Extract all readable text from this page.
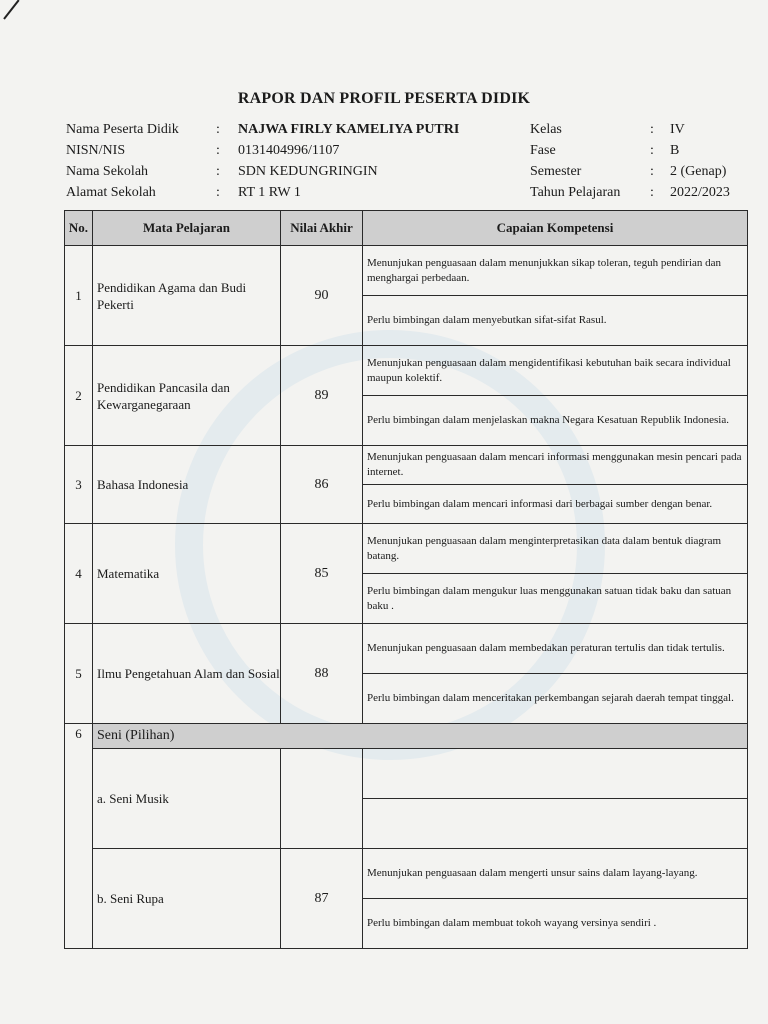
RAPOR DAN PROFIL PESERTA DIDIK
Nama Peserta Didik	: NAJWA FIRLY KAMELIYA PUTRI
NISN/NIS	: 0131404996/1107
Nama Sekolah	: SDN KEDUNGRINGIN
Alamat Sekolah	: RT 1 RW 1
Kelas	: IV
Fase	: B
Semester	: 2 (Genap)
Tahun Pelajaran : 2022/2023
No.	Mata Pelajaran	Nilai Akhir	Capaian Kompetensi
1	Pendidikan Agama dan Budi Pekerti	90	Menunjukan penguasaan dalam menunjukkan sikap toleran, teguh pendirian dan menghargai perbedaan.
			Perlu bimbingan dalam menyebutkan sifat-sifat Rasul.
2	Pendidikan Pancasila dan Kewarganegaraan	89	Menunjukan penguasaan dalam mengidentifikasi kebutuhan baik secara individual maupun kolektif.
			Perlu bimbingan dalam menjelaskan makna Negara Kesatuan Republik Indonesia.
3	Bahasa Indonesia	86	Menunjukan penguasaan dalam mencari informasi menggunakan mesin pencari pada internet.
			Perlu bimbingan dalam mencari informasi dari berbagai sumber dengan benar.
4	Matematika	85	Menunjukan penguasaan dalam menginterpretasikan data dalam bentuk diagram batang.
			Perlu bimbingan dalam mengukur luas menggunakan satuan tidak baku dan satuan baku .
5	Ilmu Pengetahuan Alam dan Sosial	88	Menunjukan penguasaan dalam membedakan peraturan tertulis dan tidak tertulis.
			Perlu bimbingan dalam menceritakan perkembangan sejarah daerah tempat tinggal.
6	Seni (Pilihan)		
	a. Seni Musik		

	b. Seni Rupa	87	Menunjukan penguasaan dalam mengerti unsur sains dalam layang-layang.
			Perlu bimbingan dalam membuat tokoh wayang versinya sendiri .
